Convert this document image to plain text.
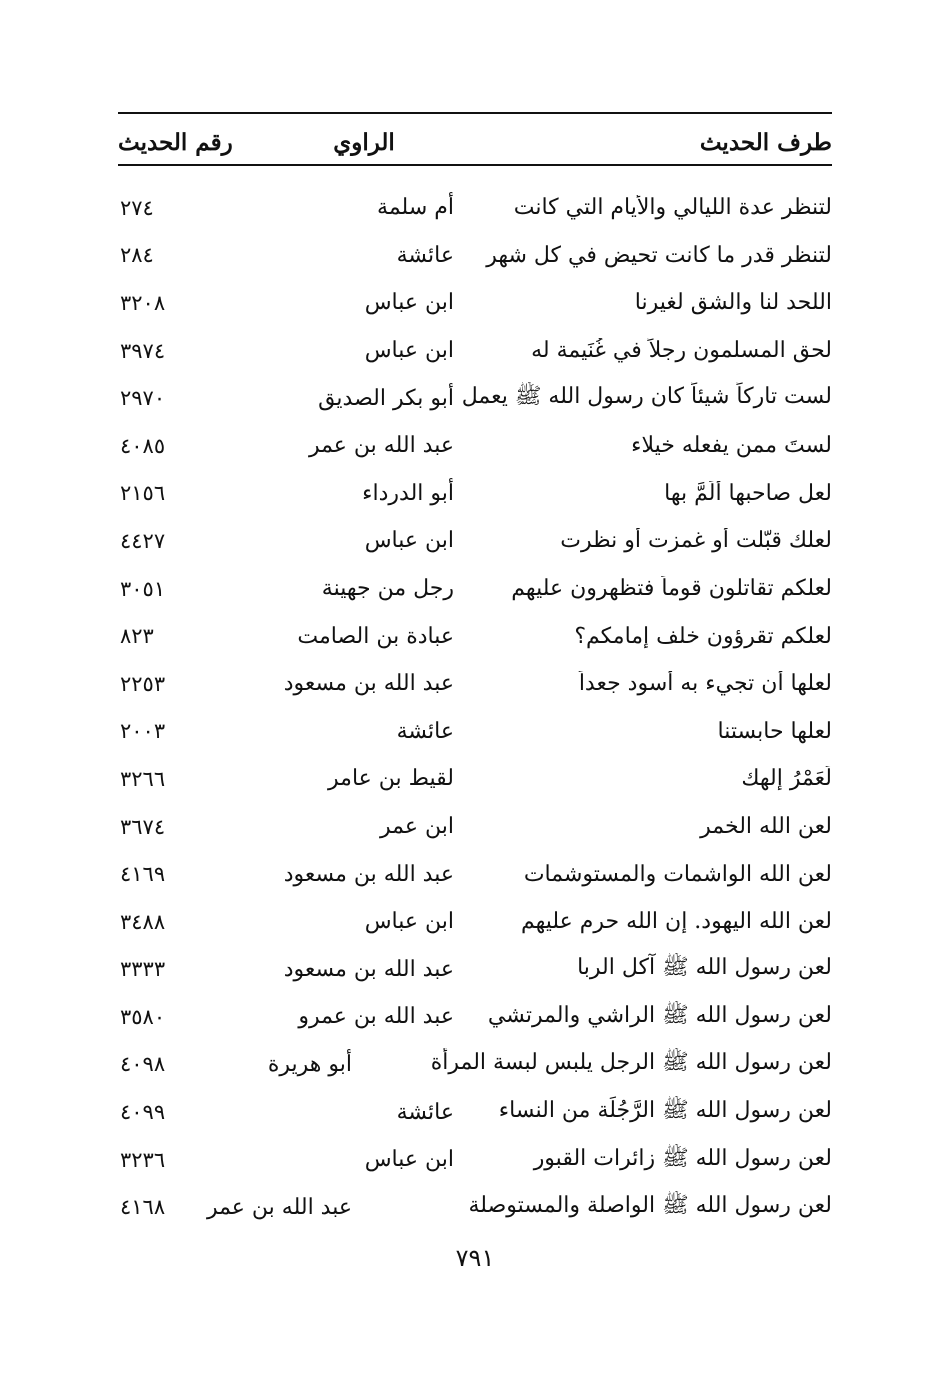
طرف الحديث
الراوي
رقم الحديث
لتنظر عدة الليالي والأيام التي كانت
أم سلمة
٢٧٤
لتنظر قدر ما كانت تحيض في كل شهر
عائشة
٢٨٤
اللحد لنا والشق لغيرنا
ابن عباس
٣٢٠٨
لحق المسلمون رجلاً في غُنَيمة له
ابن عباس
٣٩٧٤
لست تاركاً شيئاً كان رسول الله ﷺ يعمل
أبو بكر الصديق
٢٩٧٠
لستَ ممن يفعله خيلاء
عبد الله بن عمر
٤٠٨٥
لعل صاحبها ألَمَّ بها
أبو الدرداء
٢١٥٦
لعلك قبّلت أو غمزت أو نظرت
ابن عباس
٤٤٢٧
لعلكم تقاتلون قوماً فتظهرون عليهم
رجل من جهينة
٣٠٥١
لعلكم تقرؤون خلف إمامكم؟
عبادة بن الصامت
٨٢٣
لعلها أن تجيء به أسود جعداً
عبد الله بن مسعود
٢٢٥٣
لعلها حابستنا
عائشة
٢٠٠٣
لَعَمْرُ إلهك
لقيط بن عامر
٣٢٦٦
لعن الله الخمر
ابن عمر
٣٦٧٤
لعن الله الواشمات والمستوشمات
عبد الله بن مسعود
٤١٦٩
لعن الله اليهود. إن الله حرم عليهم
ابن عباس
٣٤٨٨
لعن رسول الله ﷺ آكل الربا
عبد الله بن مسعود
٣٣٣٣
لعن رسول الله ﷺ الراشي والمرتشي
عبد الله بن عمرو
٣٥٨٠
لعن رسول الله ﷺ الرجل يلبس لبسة المرأة
أبو هريرة
٤٠٩٨
لعن رسول الله ﷺ الرَّجُلَة من النساء
عائشة
٤٠٩٩
لعن رسول الله ﷺ زائرات القبور
ابن عباس
٣٢٣٦
لعن رسول الله ﷺ الواصلة والمستوصلة
عبد الله بن عمر
٤١٦٨
٧٩١
